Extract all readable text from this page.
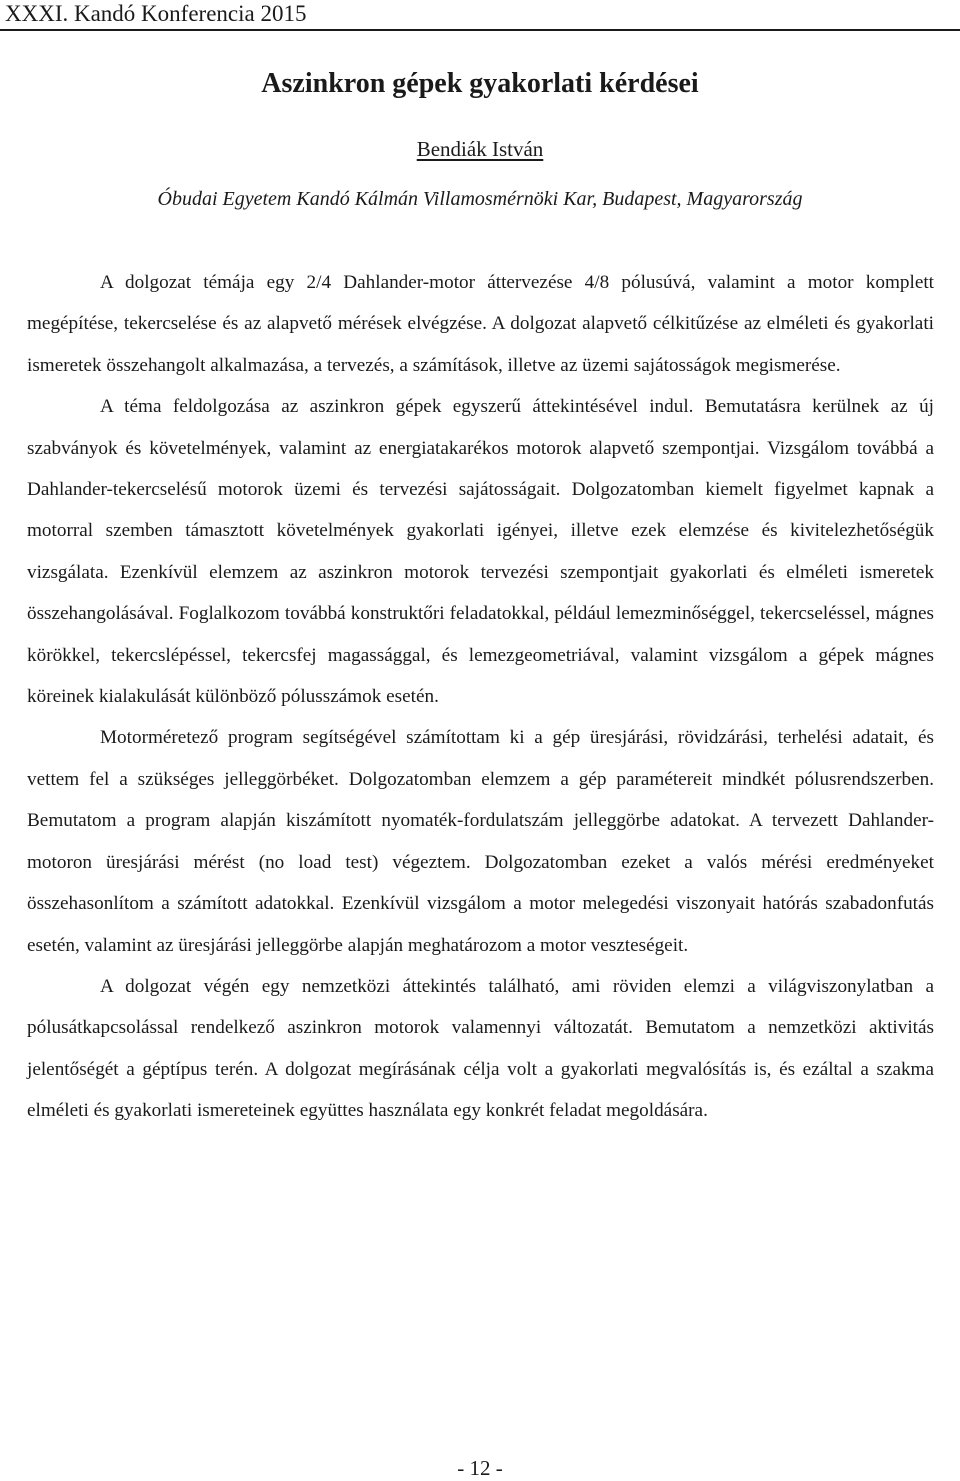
XXXI. Kandó Konferencia 2015
Aszinkron gépek gyakorlati kérdései
Bendiák István
Óbudai Egyetem Kandó Kálmán Villamosmérnöki Kar, Budapest, Magyarország

A dolgozat témája egy 2/4 Dahlander-motor áttervezése 4/8 pólusúvá, valamint a motor komplett megépítése, tekercselése és az alapvető mérések elvégzése. A dolgozat alapvető célkitűzése az elméleti és gyakorlati ismeretek összehangolt alkalmazása, a tervezés, a számítások, illetve az üzemi sajátosságok megismerése.

A téma feldolgozása az aszinkron gépek egyszerű áttekintésével indul. Bemutatásra kerülnek az új szabványok és követelmények, valamint az energiatakarékos motorok alapvető szempontjai. Vizsgálom továbbá a Dahlander-tekercselésű motorok üzemi és tervezési sajátosságait. Dolgozatomban kiemelt figyelmet kapnak a motorral szemben támasztott követelmények gyakorlati igényei, illetve ezek elemzése és kivitelezhetőségük vizsgálata. Ezenkívül elemzem az aszinkron motorok tervezési szempontjait gyakorlati és elméleti ismeretek összehangolásával. Foglalkozom továbbá konstruktőri feladatokkal, például lemezminőséggel, tekercseléssel, mágnes körökkel, tekercslépéssel, tekercsfej magassággal, és lemezgeometriával, valamint vizsgálom a gépek mágnes köreinek kialakulását különböző pólusszámok esetén.

Motorméretező program segítségével számítottam ki a gép üresjárási, rövidzárási, terhelési adatait, és vettem fel a szükséges jelleggörbéket. Dolgozatomban elemzem a gép paramétereit mindkét pólusrendszerben. Bemutatom a program alapján kiszámított nyomaték-fordulatszám jelleggörbe adatokat. A tervezett Dahlander-motoron üresjárási mérést (no load test) végeztem. Dolgozatomban ezeket a valós mérési eredményeket összehasonlítom a számított adatokkal. Ezenkívül vizsgálom a motor melegedési viszonyait hatórás szabadonfutás esetén, valamint az üresjárási jelleggörbe alapján meghatározom a motor veszteségeit.

A dolgozat végén egy nemzetközi áttekintés található, ami röviden elemzi a világviszonylatban a pólusátkapcsolással rendelkező aszinkron motorok valamennyi változatát. Bemutatom a nemzetközi aktivitás jelentőségét a géptípus terén. A dolgozat megírásának célja volt a gyakorlati megvalósítás is, és ezáltal a szakma elméleti és gyakorlati ismereteinek együttes használata egy konkrét feladat megoldására.

- 12 -
